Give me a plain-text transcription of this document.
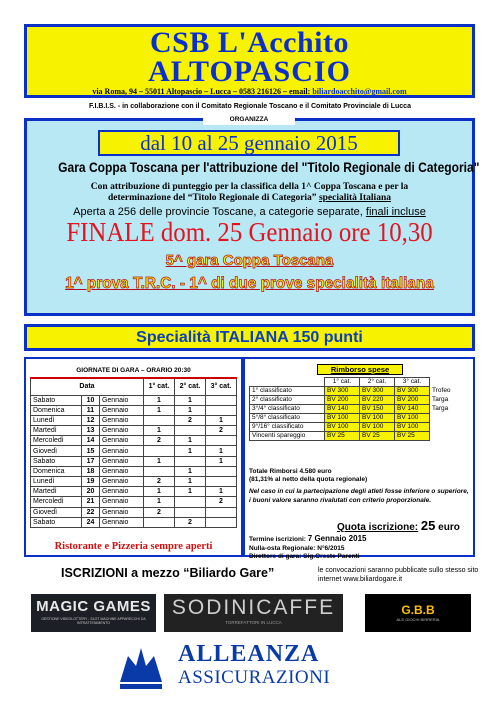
CSB L'Acchito
ALTOPASCIO
via Roma, 94 – 55011 Altopascio – Lucca – 0583 216126 – email: biliardoacchito@gmail.com
F.I.B.I.S. - in collaborazione con il Comitato Regionale Toscano e il Comitato Provinciale di Lucca
ORGANIZZA
dal 10 al 25 gennaio 2015
Gara Coppa Toscana per l'attribuzione del "Titolo Regionale di Categoria"
Con attribuzione di punteggio per la classifica della 1^ Coppa Toscana e per la
determinazione del “Titolo Regionale di Categoria” specialità Italiana
Aperta a 256 delle provincie Toscane, a categorie separate, finali incluse
FINALE dom. 25 Gennaio ore 10,30
5^ gara Coppa Toscana
1^ prova T.R.C. - 1^ di due prove specialità italiana
Specialità ITALIANA 150 punti
GIORNATE DI GARA – ORARIO 20:30
Data			1° cat.	2° cat.	3° cat.
Sabato	10	Gennaio	1	1	
Domenica	11	Gennaio	1	1	
Lunedì	12	Gennaio		2	1
Martedì	13	Gennaio	1		2
Mercoledì	14	Gennaio	2	1	
Giovedì	15	Gennaio		1	1
Sabato	17	Gennaio	1		1
Domenica	18	Gennaio		1	
Lunedì	19	Gennaio	2	1	
Martedì	20	Gennaio	1	1	1
Mercoledì	21	Gennaio	1		2
Giovedì	22	Gennaio	2		
Sabato	24	Gennaio		2	
Ristorante e Pizzeria sempre aperti
Rimborso spese
	1° cat.	2° cat.	3° cat.	
1° classificato	BV 300	BV 300	BV 300	Trofeo
2° classificato	BV 200	BV 220	BV 200	Targa
3°/4° classificato	BV 140	BV 150	BV 140	Targa
5°/8° classificato	BV 100	BV 100	BV 100	
9°/16° classificato	BV 100	BV 100	BV 100	
Vincenti spareggio	BV 25	BV 25	BV 25	
Totale Rimborsi 4.580 euro
(81,31% al netto della quota regionale)
Nel caso in cui la partecipazione degli atleti fosse inferiore o superiore, i buoni valore saranno rivalutati con criterio proporzionale.
Quota iscrizione: 25 euro
Termine iscrizioni: 7 Gennaio 2015
Nulla-osta Regionale: N°6/2015
Direttore di gara: Sig.Oreste Parenti
ISCRIZIONI a mezzo “Biliardo Gare”	le convocazioni saranno pubblicate sullo stesso sito internet www.biliardogare.it
MAGIC GAMES
GESTIONE VIDEOLOTTERY - SLOT MACHINE APPARECCHI DA INTRATTENIMENTO
SODINICAFFE
TORREFATTORI IN LUCCA
G.B.B
ALE GIOCHI BIRRERIA
ALLEANZA
ASSICURAZIONI
